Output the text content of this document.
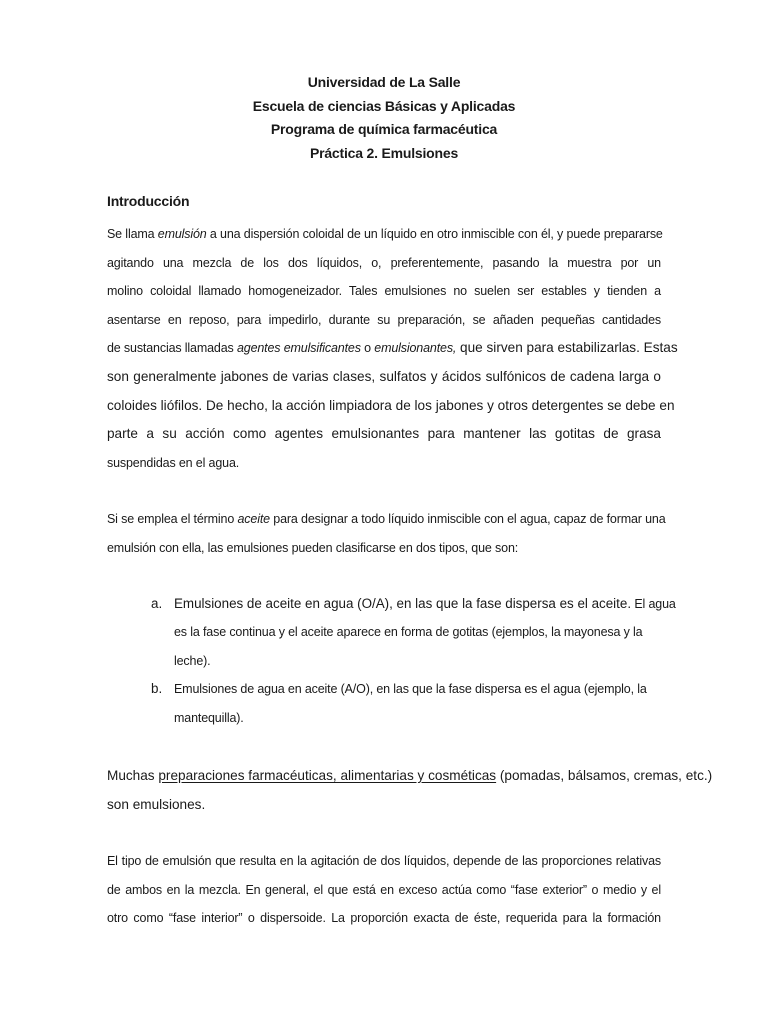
Universidad de La Salle
Escuela de ciencias Básicas y Aplicadas
Programa de química farmacéutica
Práctica 2. Emulsiones
Introducción
Se llama emulsión a una dispersión coloidal de un líquido en otro inmiscible con él, y puede prepararse
agitando una mezcla de los dos líquidos, o, preferentemente, pasando la muestra por un
molino coloidal llamado homogeneizador. Tales emulsiones no suelen ser estables y tienden a
asentarse en reposo, para impedirlo, durante su preparación, se añaden pequeñas cantidades
de sustancias llamadas agentes emulsificantes o emulsionantes, que sirven para estabilizarlas. Estas
son generalmente jabones de varias clases, sulfatos y ácidos sulfónicos de cadena larga o
coloides liófilos. De hecho, la acción limpiadora de los jabones y otros detergentes se debe en
parte a su acción como agentes emulsionantes para mantener las gotitas de grasa
suspendidas en el agua.
Si se emplea el término aceite para designar a todo líquido inmiscible con el agua, capaz de formar una
emulsión con ella, las emulsiones pueden clasificarse en dos tipos, que son:
a. Emulsiones de aceite en agua (O/A), en las que la fase dispersa es el aceite. El agua
es la fase continua y el aceite aparece en forma de gotitas (ejemplos, la mayonesa y la
leche).
b. Emulsiones de agua en aceite (A/O), en las que la fase dispersa es el agua (ejemplo, la
mantequilla).
Muchas preparaciones farmacéuticas, alimentarias y cosméticas (pomadas, bálsamos, cremas, etc.)
son emulsiones.
El tipo de emulsión que resulta en la agitación de dos líquidos, depende de las proporciones relativas
de ambos en la mezcla. En general, el que está en exceso actúa como “fase exterior” o medio y el
otro como “fase interior” o dispersoide. La proporción exacta de éste, requerida para la formación
